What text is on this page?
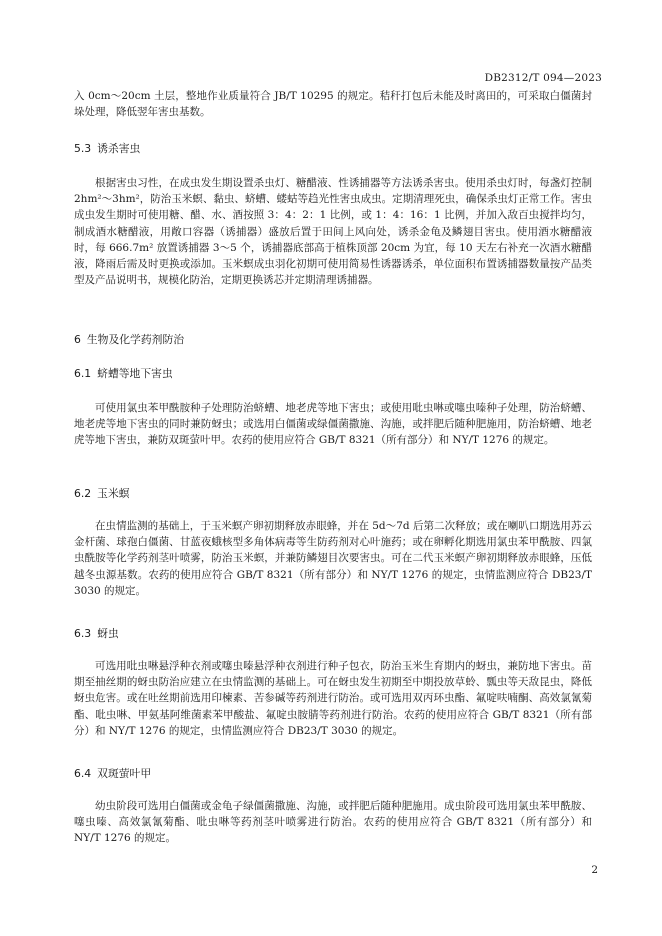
DB2312/T 094—2023
入 0cm～20cm 土层，整地作业质量符合 JB/T 10295 的规定。秸秆打包后未能及时离田的，可采取白僵菌封垛处理，降低翌年害虫基数。
5.3 诱杀害虫
根据害虫习性，在成虫发生期设置杀虫灯、糖醋液、性诱捕器等方法诱杀害虫。使用杀虫灯时，每盏灯控制 2hm²～3hm²，防治玉米螟、黏虫、蛴螬、蝼蛄等趋光性害虫成虫。定期清理死虫，确保杀虫灯正常工作。害虫成虫发生期时可使用糖、醋、水、酒按照 3：4：2：1 比例，或 1：4：16：1 比例，并加入敌百虫搅拌均匀，制成酒水糖醋液，用敞口容器（诱捕器）盛放后置于田间上风向处，诱杀金龟及鳞翅目害虫。使用酒水糖醋液时，每 666.7m² 放置诱捕器 3～5 个，诱捕器底部高于植株顶部 20cm 为宜，每 10 天左右补充一次酒水糖醋液，降雨后需及时更换或添加。玉米螟成虫羽化初期可使用简易性诱器诱杀，单位面积布置诱捕器数量按产品类型及产品说明书，规模化防治，定期更换诱芯并定期清理诱捕器。
6 生物及化学药剂防治
6.1 蛴螬等地下害虫
可使用氯虫苯甲酰胺种子处理防治蛴螬、地老虎等地下害虫；或使用吡虫啉或噻虫嗪种子处理，防治蛴螬、地老虎等地下害虫的同时兼防蚜虫；或选用白僵菌或绿僵菌撒施、沟施，或拌肥后随种肥施用，防治蛴螬、地老虎等地下害虫，兼防双斑萤叶甲。农药的使用应符合 GB/T 8321（所有部分）和 NY/T 1276 的规定。
6.2 玉米螟
在虫情监测的基础上，于玉米螟产卵初期释放赤眼蜂，并在 5d～7d 后第二次释放；或在喇叭口期选用苏云金杆菌、球孢白僵菌、甘蓝夜蛾核型多角体病毒等生防药剂对心叶施药；或在卵孵化期选用氯虫苯甲酰胺、四氯虫酰胺等化学药剂茎叶喷雾，防治玉米螟，并兼防鳞翅目次要害虫。可在二代玉米螟产卵初期释放赤眼蜂，压低越冬虫源基数。农药的使用应符合 GB/T 8321（所有部分）和 NY/T 1276 的规定，虫情监测应符合 DB23/T 3030 的规定。
6.3 蚜虫
可选用吡虫啉悬浮种衣剂或噻虫嗪悬浮种衣剂进行种子包衣，防治玉米生育期内的蚜虫，兼防地下害虫。苗期至抽丝期的蚜虫防治应建立在虫情监测的基础上。可在蚜虫发生初期至中期投放草蛉、瓢虫等天敌昆虫，降低蚜虫危害。或在吐丝期前选用印楝素、苦参碱等药剂进行防治。或可选用双丙环虫酯、氟啶呋喃酮、高效氯氰菊酯、吡虫啉、甲氨基阿维菌素苯甲酸盐、氟啶虫胺腈等药剂进行防治。农药的使用应符合 GB/T 8321（所有部分）和 NY/T 1276 的规定，虫情监测应符合 DB23/T 3030 的规定。
6.4 双斑萤叶甲
幼虫阶段可选用白僵菌或金龟子绿僵菌撒施、沟施，或拌肥后随种肥施用。成虫阶段可选用氯虫苯甲酰胺、噻虫嗪、高效氯氰菊酯、吡虫啉等药剂茎叶喷雾进行防治。农药的使用应符合 GB/T 8321（所有部分）和 NY/T 1276 的规定。
2
